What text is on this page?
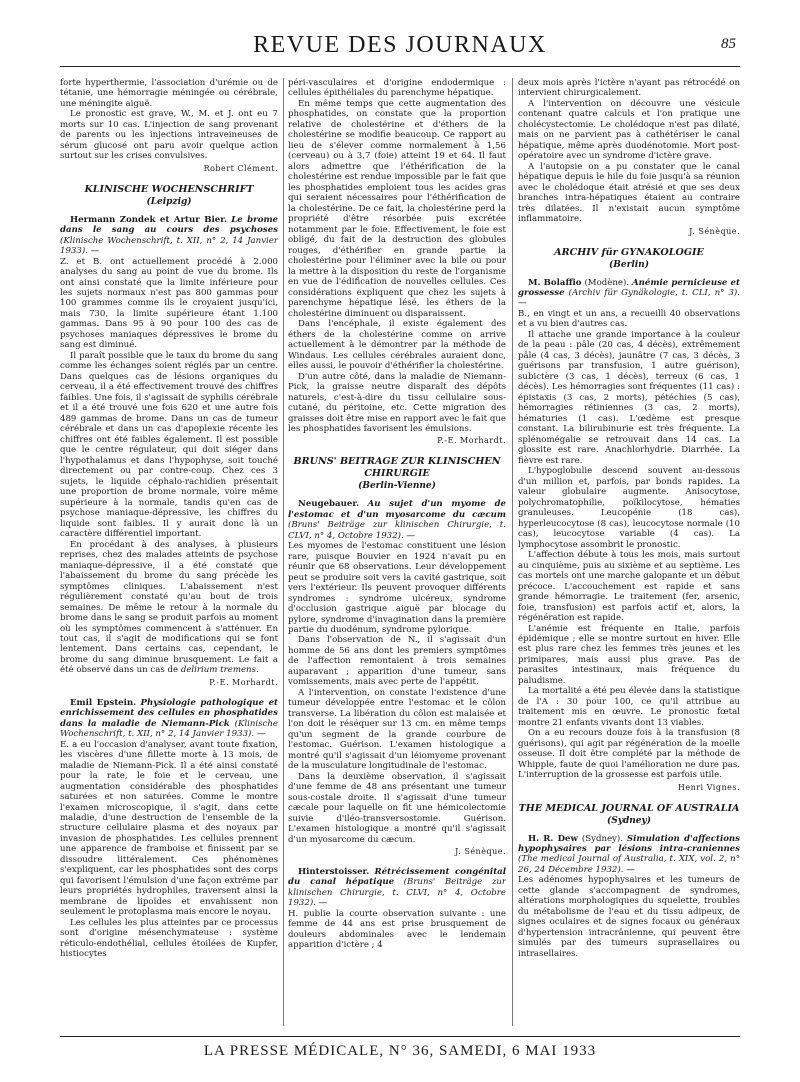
REVUE DES JOURNAUX	85

forte hyperthermie, l'association d'urémie ou de tétanie, une hémorragie méningée ou cérébrale, une méningite aiguë.

Le pronostic est grave, W., M. et J. ont eu 7 morts sur 10 cas. L'injection de sang provenant de parents ou les injections intraveineuses de sérum glucosé ont paru avoir quelque action surtout sur les crises convulsives.

Robert Clément.

KLINISCHE WOCHENSCHRIFT
(Leipzig)

Hermann Zondek et Artur Bier. Le brome dans le sang au cours des psychoses (Klinische Wochenschrift, t. XII, n° 2, 14 Janvier 1933). —

Z. et B. ont actuellement procédé à 2.000 analyses du sang au point de vue du brome. Ils ont ainsi constaté que la limite inférieure pour les sujets normaux n'est pas 800 gammas pour 100 grammes comme ils le croyaient jusqu'ici, mais 730, la limite supérieure étant 1.100 gammas. Dans 95 à 90 pour 100 des cas de psychoses maniaques dépressives le brome du sang est diminué.

Il paraît possible que le taux du brome du sang comme les échanges soient réglés par un centre. Dans quelques cas de lésions organiques du cerveau, il a été effectivement trouvé des chiffres faibles. Une fois, il s'agissait de syphilis cérébrale et il a été trouvé une fois 620 et une autre fois 489 gammas de brome. Dans un cas de tumeur cérébrale et dans un cas d'apoplexie récente les chiffres ont été faibles également. Il est possible que le centre régulateur, qui doit siéger dans l'hypothalamus et dans l'hypophyse, soit touché directement ou par contre-coup. Chez ces 3 sujets, le liquide céphalo-rachidien présentait une proportion de brome normale, voire même supérieure à la normale, tandis qu'en cas de psychose maniaque-dépressive, les chiffres du liquide sont faibles. Il y aurait donc là un caractère différentiel important.

En procédant à des analyses, à plusieurs reprises, chez des malades atteints de psychose maniaque-dépressive, il a été constaté que l'abaissement du brome du sang précède les symptômes cliniques. L'abaissement n'est régulièrement constaté qu'au bout de trois semaines. De même le retour à la normale du brome dans le sang se produit parfois au moment où les symptômes commencent à s'atténuer. En tout cas, il s'agit de modifications qui se font lentement. Dans certains cas, cependant, le brome du sang diminue brusquement. Le fait a été observé dans un cas de delirium tremens.

P.-E. Morhardt.

Emil Epstein. Physiologie pathologique et enrichissement des cellules en phosphatides dans la maladie de Niemann-Pick (Klinische Wochenschrift, t. XII, n° 2, 14 Janvier 1933). —

E. a eu l'occasion d'analyser, avant toute fixation, les viscères d'une fillette morte à 13 mois, de maladie de Niemann-Pick. Il a été ainsi constaté pour la rate, le foie et le cerveau, une augmentation considérable des phosphatides saturées et non saturées. Comme le montre l'examen microscopique, il s'agit, dans cette maladie, d'une destruction de l'ensemble de la structure cellulaire plasma et des noyaux par invasion de phosphatides. Les cellules prennent une apparence de framboise et finissent par se dissoudre littéralement. Ces phénomènes s'expliquent, car les phosphatides sont des corps qui favorisent l'émulsion d'une façon extrême par leurs propriétés hydrophiles, traversent ainsi la membrane de lipoïdes et envahissent non seulement le protoplasma mais encore le noyau.

Les cellules les plus atteintes par ce processus sont d'origine mésenchymateuse : système réticulo-endothélial, cellules étoilées de Kupfer, histiocytes

péri-vasculaires et d'origine endodermique : cellules épithéliales du parenchyme hépatique.

En même temps que cette augmentation des phosphatides, on constate que la proportion relative de cholestérine et d'éthers de la cholestérine se modifie beaucoup. Ce rapport au lieu de s'élever comme normalement à 1,56 (cerveau) ou à 3,7 (foie) atteint 19 et 64. Il faut alors admettre que l'éthérification de la cholestérine est rendue impossible par le fait que les phosphatides emploient tous les acides gras qui seraient nécessaires pour l'éthérification de la cholestérine. De ce fait, la cholestérine perd la propriété d'être résorbée puis excrétée notamment par le foie. Effectivement, le foie est obligé, du fait de la destruction des globules rouges, d'éthérifier en grande partie la cholestérine pour l'éliminer avec la bile ou pour la mettre à la disposition du reste de l'organisme en vue de l'édification de nouvelles cellules. Ces considérations expliquent que chez les sujets à parenchyme hépatique lésé, les éthers de la cholestérine diminuent ou disparaissent.

Dans l'encéphale, il existe également des éthers de la cholestérine comme on arrive actuellement à le démontrer par la méthode de Windaus. Les cellules cérébrales auraient donc, elles aussi, le pouvoir d'éthérifier la cholestérine.

D'un autre côté, dans la maladie de Niemann-Pick, la graisse neutre disparaît des dépôts naturels, c'est-à-dire du tissu cellulaire sous-cutané, du péritoine, etc. Cette migration des graisses doit être mise en rapport avec le fait que les phosphatides favorisent les émulsions.

P.-E. Morhardt.

BRUNS' BEITRAGE ZUR KLINISCHEN CHIRURGIE
(Berlin-Vienne)

Neugebauer. Au sujet d'un myome de l'estomac et d'un myosarcome du cæcum (Bruns' Beiträge zur klinischen Chirurgie, t. CLVI, n° 4, Octobre 1932). —

Les myomes de l'estomac constituent une lésion rare, puisque Bouvier en 1924 n'avait pu en réunir que 68 observations. Leur développement peut se produire soit vers la cavité gastrique, soit vers l'extérieur. Ils peuvent provoquer différents syndromes : syndrome ulcéreux, syndrome d'occlusion gastrique aiguë par blocage du pylore, syndrome d'invagination dans la première partie du duodénum, syndrome pylorique.

Dans l'observation de N., il s'agissait d'un homme de 56 ans dont les premiers symptômes de l'affection remontaient à trois semaines auparavant ; apparition d'une tumeur, sans vomissements, mais avec perte de l'appétit.

A l'intervention, on constate l'existence d'une tumeur développée entre l'estomac et le côlon transverse. La libération du côlon est malaisée et l'on doit le réséquer sur 13 cm. en même temps qu'un segment de la grande courbure de l'estomac. Guérison. L'examen histologique a montré qu'il s'agissait d'un léiomyome provenant de la musculature longitudinale de l'estomac.

Dans la deuxième observation, il s'agissait d'une femme de 48 ans présentant une tumeur sous-costale droite. Il s'agissait d'une tumeur cæcale pour laquelle on fit une hémicolectomie suivie d'iléo-transversostomie. Guérison. L'examen histologique a montré qu'il s'agissait d'un myosarcome du cæcum.

J. Sénèque.

Hinterstoisser. Rétrécissement congénital du canal hépatique (Bruns' Beiträge zur klinischen Chirurgie, t. CLVI, n° 4, Octobre 1932). —

H. publie la courte observation suivante : une femme de 44 ans est prise brusquement de douleurs abdominales avec le lendemain apparition d'ictère ; 4

deux mois après l'ictère n'ayant pas rétrocédé on intervient chirurgicalement.

A l'intervention on découvre une vésicule contenant quatre calculs et l'on pratique une cholécystectomie. Le cholédoque n'est pas dilaté, mais on ne parvient pas à cathétériser le canal hépatique, même après duodénotomie. Mort post-opératoire avec un syndrome d'ictère grave.

A l'autopsie on a pu constater que le canal hépatique depuis le hile du foie jusqu'à sa réunion avec le cholédoque était atrésié et que ses deux branches intra-hépatiques étaient au contraire très dilatées. Il n'existait aucun symptôme inflammatoire.

J. Sénèque.

ARCHIV für GYNAKOLOGIE
(Berlin)

M. Bolaffio (Modène). Anémie pernicieuse et grossesse (Archiv für Gynäkologie, t. CLI, n° 3). —

B., en vingt et un ans, a recueilli 40 observations et a vu bien d'autres cas.

Il attache une grande importance à la couleur de la peau : pâle (20 cas, 4 décès), extrêmement pâle (4 cas, 3 décès), jaunâtre (7 cas, 3 décès, 3 guérisons par transfusion, 1 autre guérison), subictère (3 cas, 1 décès), terreux (6 cas, 1 décès). Les hémorragies sont fréquentes (11 cas) : épistaxis (3 cas, 2 morts), pétéchies (5 cas), hémorragies rétiniennes (3 cas, 2 morts), hématuries (1 cas). L'œdème est presque constant. La bilirubinurie est très fréquente. La splénomégalie se retrouvait dans 14 cas. La glossite est rare. Anachlorhydrie. Diarrhée. La fièvre est rare.

L'hypoglobulie descend souvent au-dessous d'un million et, parfois, par bonds rapides. La valeur globulaire augmente. Anisocytose, polychromatophilie, poïkilocytose, hématies granuleuses. Leucopénie (18 cas), hyperleucocytose (8 cas), leucocytose normale (10 cas), leucocytose variable (4 cas). La lymphocytose assombrit le pronostic.

L'affection débute à tous les mois, mais surtout au cinquième, puis au sixième et au septième. Les cas mortels ont une marche galopante et un début précoce. L'accouchement est rapide et sans grande hémorragie. Le traitement (fer, arsenic, foie, transfusion) est parfois actif et, alors, la régénération est rapide.

L'anémie est fréquente en Italie, parfois épidémique ; elle se montre surtout en hiver. Elle est plus rare chez les femmes très jeunes et les primipares, mais aussi plus grave. Pas de parasites intestinaux, mais fréquence du paludisme.

La mortalité a été peu élevée dans la statistique de l'A : 30 pour 100, ce qu'il attribue au traitement mis en œuvre. Le pronostic fœtal montre 21 enfants vivants dont 13 viables.

On a eu recours douze fois à la transfusion (8 guérisons), qui agit par régénération de la moelle osseuse. Il doit être complété par la méthode de Whipple, faute de quoi l'amélioration ne dure pas. L'interruption de la grossesse est parfois utile.

Henri Vignes.

THE MEDICAL JOURNAL OF AUSTRALIA
(Sydney)

H. R. Dew (Sydney). Simulation d'affections hypophysaires par lésions intra-craniennes (The medical Journal of Australia, t. XIX, vol. 2, n° 26, 24 Décembre 1932). —

Les adénomes hypophysaires et les tumeurs de cette glande s'accompagnent de syndromes, altérations morphologiques du squelette, troubles du métabolisme de l'eau et du tissu adipeux, de signes oculaires et de signes focaux ou généraux d'hypertension intracrânienne, qui peuvent être simulés par des tumeurs suprasellaires ou intrasellaires.

LA PRESSE MÉDICALE, N° 36, SAMEDI, 6 MAI 1933
